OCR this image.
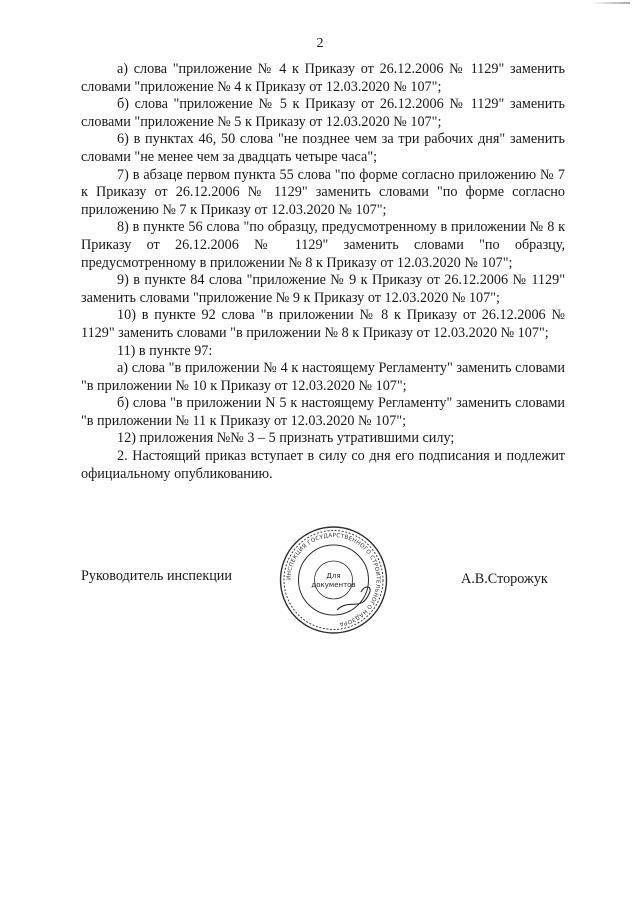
2

а) слова "приложение № 4 к Приказу от 26.12.2006 № 1129" заменить словами "приложение № 4 к Приказу от 12.03.2020 № 107";

б) слова "приложение № 5 к Приказу от 26.12.2006 № 1129" заменить словами "приложение № 5 к Приказу от 12.03.2020 № 107";

6) в пунктах 46, 50 слова "не позднее чем за три рабочих дня" заменить словами "не менее чем за двадцать четыре часа";

7) в абзаце первом пункта 55 слова "по форме согласно приложению № 7 к Приказу от 26.12.2006 № 1129" заменить словами "по форме согласно приложению № 7 к Приказу от 12.03.2020 № 107";

8) в пункте 56 слова "по образцу, предусмотренному в приложении № 8 к Приказу от 26.12.2006 № 1129" заменить словами "по образцу, предусмотренному в приложении № 8 к Приказу от 12.03.2020 № 107";

9) в пункте 84 слова "приложение № 9 к Приказу от 26.12.2006 № 1129" заменить словами "приложение № 9 к Приказу от 12.03.2020 № 107";

10) в пункте 92 слова "в приложении № 8 к Приказу от 26.12.2006 № 1129" заменить словами "в приложении № 8 к Приказу от 12.03.2020 № 107";

11) в пункте 97:

а) слова "в приложении № 4 к настоящему Регламенту" заменить словами "в приложении № 10 к Приказу от 12.03.2020 № 107";

б) слова "в приложении N 5 к настоящему Регламенту" заменить словами "в приложении № 11 к Приказу от 12.03.2020 № 107";

12) приложения №№ 3 – 5 признать утратившими силу;

2. Настоящий приказ вступает в силу со дня его подписания и подлежит официальному опубликованию.

Руководитель инспекции	ИНСПЕКЦИЯ ГОСУДАРСТВЕННОГО СТРОИТЕЛЬНОГО НАДЗОРА
Для
документов	А.В.Сторожук
